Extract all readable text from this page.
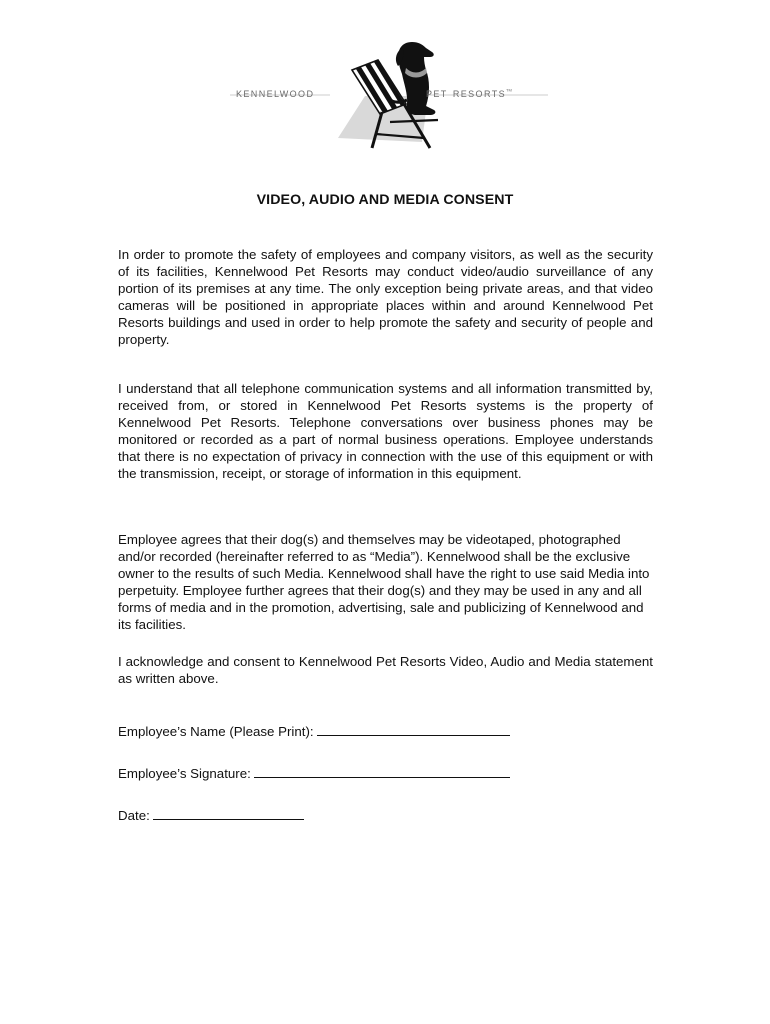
kennelwood	pet resorts$^{tm}$
VIDEO, AUDIO AND MEDIA CONSENT

In order to promote the safety of employees and company visitors, as well as the security of its facilities, Kennelwood Pet Resorts may conduct video/audio surveillance of any portion of its premises at any time. The only exception being private areas, and that video cameras will be positioned in appropriate places within and around Kennelwood Pet Resorts buildings and used in order to help promote the safety and security of people and property.

I understand that all telephone communication systems and all information transmitted by, received from, or stored in Kennelwood Pet Resorts systems is the property of Kennelwood Pet Resorts. Telephone conversations over business phones may be monitored or recorded as a part of normal business operations. Employee understands that there is no expectation of privacy in connection with the use of this equipment or with the transmission, receipt, or storage of information in this equipment.

Employee agrees that their dog(s) and themselves may be videotaped, photographed and/or recorded (hereinafter referred to as “Media”). Kennelwood shall be the exclusive owner to the results of such Media. Kennelwood shall have the right to use said Media into perpetuity. Employee further agrees that their dog(s) and they may be used in any and all forms of media and in the promotion, advertising, sale and publicizing of Kennelwood and its facilities.

I acknowledge and consent to Kennelwood Pet Resorts Video, Audio and Media statement as written above.

Employee’s Name (Please Print):
Employee’s Signature:
Date:
